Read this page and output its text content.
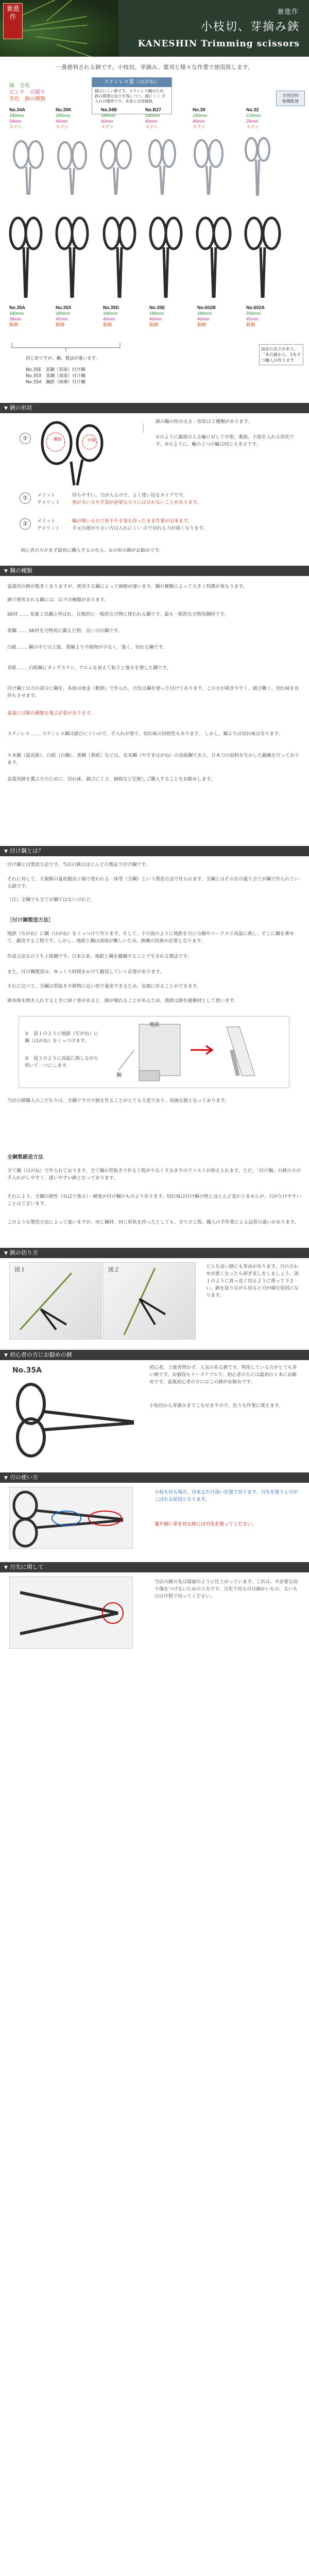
兼進
作
兼進作
小枝切、芽摘み鋏
KANESHIN Trimming scissors
一番便利される鋏です。小枝切、芽摘み、葉刈と様々な作業で使用致します。
緑　 全長
ピンク　 刃渡り
茶色　 鋏の種類
ステンレス製（はがね）
錆びにくい鋏です。ステンレス鋼のため、 鋏の質感の良さを残しつつ、錆にくく 手入れが簡単です。本体とは別価格。
全国送料
無償配達
No.34A
180mm
38mm
ステン
No.35K
180mm
45mm
ステン
No.34B
180mm
40mm
ステン
No.B27
190mm
40mm
ステン
No.39
190mm
40mm
ステン
No.32
210mm
28mm
ステン
No.35A
180mm
38mm
鍛鋼
No.35X
180mm
45mm
鍛鋼
No.35D
190mm
40mm
鍛鋼
No.35E
190mm
40mm
鍛鋼
No.602B
190mm
40mm
鍛鋼
No.602A
200mm
45mm
鍛鋼
同じ形ですが、鋼、製法が違います。
No.35E　黒鋼（黒染）付け鋼
No.35X　黒鋼（黒染）付け鋼
No.35A　鋼鉄（研磨）付け鋼
指定の長さがあり、「本の鋏から、1本ずつ職人が作ります
▼ 鋏の形状
親指	中指
①
鋏の輪の形の太さ・形状は２種類があります。
①のように親指の入る輪に対して中指、薬指、小指を入れる形状です。②のように、輪の２つの輪は同じ大きさです。
①	メリット
デメリット
持ちやすい。力が入るので、よく使い切るタイプです。
指が太い方や手袋が必要な方々には合わないことがあります。
②	メリット
デメリット
輪が開いるので軍手や手袋を持ったまま作業が出来ます。
手元の指が小さい方は入れにくい ので切れる力が弱くなります。
初心者の方がまず最初に購入するのなら、①の形の鋏がお勧めです。
▼ 鋼の種類
盆栽用の鋏が数多くありますが、使用する鋼によって価格が違います。鋼の種類によって大きく特徴が異なります。
鋏で使用される鋼には、以下の種類があります。
SK材 …… 炭素工具鋼と呼ばれ、比較的に一般的な刃物に使われる鋼です。最も一般的な刃物用鋼材です。
黄鋼 …… SK材を刃物用に鍛えた物。良い刃の鋼です。
白紙 …… 鋼の中では上級。黄鋼より不純物が少なく、強く、切れる鋼です。
青紙 …… 白紙鋼にタングステン、クロムを加えて粘りと強さを増した鋼です。
付け鋼とは刃の部分に鋼を、本体は地金（軟鉄）で作られ、刃先は鋼を使った付けてあります。この方が研ぎやすく、錆び難く、切れ味を長持ちさせます。
盆栽には鋏の種類を選ぶ必要があります。
ステンレス …… ステンレス鋼は錆びにくいので、手入れが楽で、切れ味の持続性もあります。 しかし、鋼よりは切れ味は劣ります。
＊本鍛（最高級）、白紙（白鋼）、黄鋼（黄紙）などは、安来鋼（やすきはがね）の高級鋼であり、日本刀の原料を生かした鍛練を行っております。
盆栽用鋏を選ぶ方のために、切れ味、錆びにくさ、価格など比較しご購入することをお勧めします。
▼ 付け鋼とは？
付け鋼とは製造方法です。当店の鋏はほとんどの製品で付け鋼です。
それに対して、大規模の量産鍛冶工場で使われる一体型（全鋼）という製造方法で作られます。全鋼とはその名の通り全てが鋼で作られている鋏です。
（注）全鋼でも全てが鋼ではないけれど、
［付け鋼製造方法］
地鉄（ぢがね）に鋼（はがね）をくっつけて作ります。そして、下の図のように地鉄を刃に分銅やコークスで高温に熱し、そこに鋼を乗せて、鍛造する工程です。しかし、地鉄と鋼は溶接が難しいため、熟練の技術が必要となります。
作成方法なのうち上級鋼です。日本古来、地鉄と鋼を鍛錬することで生まれる製法です。
また、付け鋼製造は、ゆっくり時間をかけて鍛造していく必要があります。
それに比べて、全鋼は型抜きや鋳物に近い形で量産できるため、安価に作ることができます。
鋏本体を焼き入れするときに研ぐ事があると、鋏が壊れることがあるため、地鉄は鋏を緩衝材として使います。
地鉄
鋼
①　図１のように地鉄（ぢがね）に鋼（はがね）をくっつけます。
②　図２のように高温に熱しながら叩いて一つにします。
当店の鋏職人のこだわりは、全鋼ですので鋏を作ることがとても大変であり、高価な鋏となっております。
全鋼製鍛造方法
全て鋼（はがね）で作られております。全て鋼の型抜きで作る工程が少なくすみますのでコストが抑えられます。ただ、「付け鋼」の鋏の方が手入れがしやすく、扱いやすい鋏となっております。
それにより、全鋼の鋏性（ねばり強さ）・硬度が付け鋼のものより劣ります。切れ味は付け鋼の物とほとんど変わりませんが、刃が欠けやすいことはございます。
このような製造方法によって違いますが、同じ鋼材、同じ形状を持ったとしても、全ての工程、職人の手作業による品質の違いがあります。
▼ 鋏の切り方
図１	図２	どんな良い鋏にも寿命があります。刃の合わせが悪くなったら研ぎ直しをしましょう。図１のように真っ直ぐ切るように使って下さい。鋏を捻りながら切ると刃が痛む原因になります。
▼ 初心者の方にお勧めの鋏
No.35A	初心者、上級者問わず、人気のある鋏です。利用している方がとても多い鋏です。お値段もリーズナブルで、初心者の方には最初の１本にお勧めです。盆栽初心者の方にはこの鋏がお勧めです。
小枝切から芽摘みまでこなせますので、色々な作業に使えます。
▼ 刃の使い方
小枝を切る場合、出来るだけ深い位置で切ります。刃先を使うと刃がこぼれる原因となります。
葉や細い芽を切る時には刃先を使ってください。
▼ 刃先に関して
当店の鋏の先は図面のように仕上がっています。これは、不必要な切り傷をつけないための工夫です。刃先で切るのは細かいもの、太いものは中程で切ってください。
